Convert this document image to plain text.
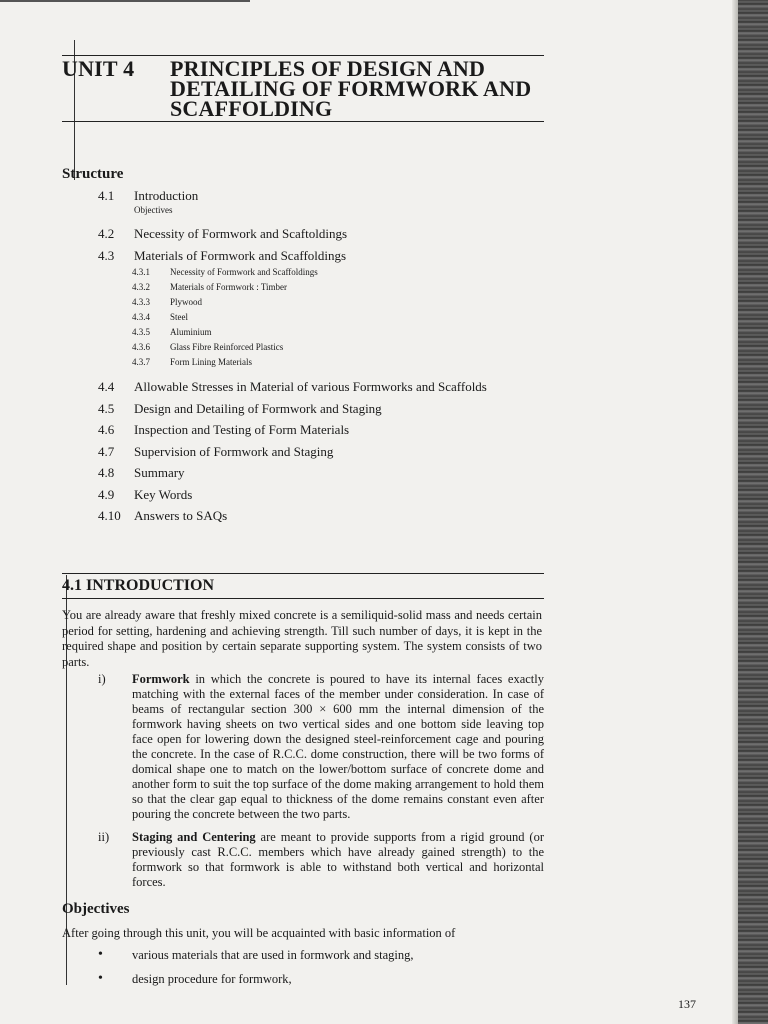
UNIT 4 PRINCIPLES OF DESIGN AND
DETAILING OF FORMWORK AND
SCAFFOLDING
Structure
4.1 Introduction
Objectives
4.2 Necessity of Formwork and Scaftoldings
4.3 Materials of Formwork and Scaffoldings
4.3.1 Necessity of Formwork and Scaffoldings
4.3.2 Materials of Formwork : Timber
4.3.3 Plywood
4.3.4 Steel
4.3.5 Aluminium
4.3.6 Glass Fibre Reinforced Plastics
4.3.7 Form Lining Materials
4.4 Allowable Stresses in Material of various Formworks and Scaffolds
4.5 Design and Detailing of Formwork and Staging
4.6 Inspection and Testing of Form Materials
4.7 Supervision of Formwork and Staging
4.8 Summary
4.9 Key Words
4.10 Answers to SAQs
4.1 INTRODUCTION
You are already aware that freshly mixed concrete is a semiliquid-solid mass and needs certain period for setting, hardening and achieving strength. Till such number of days, it is kept in the required shape and position by certain separate supporting system. The system consists of two parts.
i) Formwork in which the concrete is poured to have its internal faces exactly matching with the external faces of the member under consideration. In case of beams of rectangular section 300 × 600 mm the internal dimension of the formwork having sheets on two vertical sides and one bottom side leaving top face open for lowering down the designed steel-reinforcement cage and pouring the concrete. In the case of R.C.C. dome construction, there will be two forms of domical shape one to match on the lower/bottom surface of concrete dome and another form to suit the top surface of the dome making arrangement to hold them so that the clear gap equal to thickness of the dome remains constant even after pouring the concrete between the two parts.
ii) Staging and Centering are meant to provide supports from a rigid ground (or previously cast R.C.C. members which have already gained strength) to the formwork so that formwork is able to withstand both vertical and horizontal forces.
Objectives
After going through this unit, you will be acquainted with basic information of
• various materials that are used in formwork and staging,
• design procedure for formwork,
137
